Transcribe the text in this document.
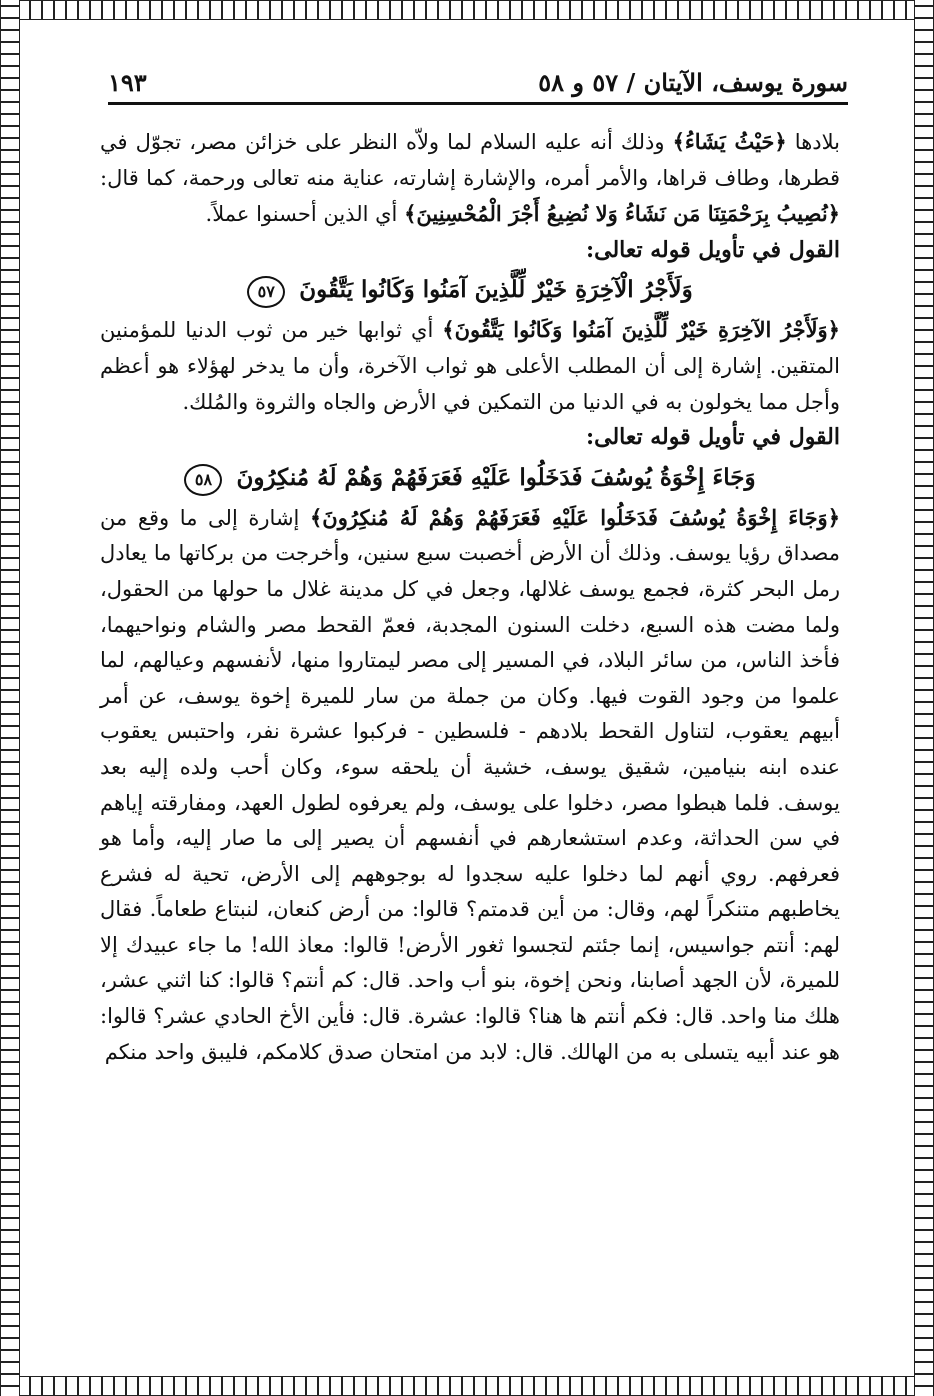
سورة يوسف، الآيتان / ٥٧ و ٥٨
١٩٣

بلادها ﴿حَيْثُ يَشَاءُ﴾ وذلك أنه عليه السلام لما ولاّه النظر على خزائن مصر، تجوّل في قطرها، وطاف قراها، والأمر أمره، والإشارة إشارته، عناية منه تعالى ورحمة، كما قال: ﴿نُصِيبُ بِرَحْمَتِنَا مَن نَشَاءُ وَلا نُضِيعُ أَجْرَ الْمُحْسِنِينَ﴾ أي الذين أحسنوا عملاً.

القول في تأويل قوله تعالى:

وَلَأَجْرُ الْآخِرَةِ خَيْرٌ لِّلَّذِينَ آمَنُوا وَكَانُوا يَتَّقُونَ ٥٧

﴿وَلَأَجْرُ الآخِرَةِ خَيْرٌ لِّلَّذِينَ آمَنُوا وَكَانُوا يَتَّقُونَ﴾ أي ثوابها خير من ثوب الدنيا للمؤمنين المتقين. إشارة إلى أن المطلب الأعلى هو ثواب الآخرة، وأن ما يدخر لهؤلاء هو أعظم وأجل مما يخولون به في الدنيا من التمكين في الأرض والجاه والثروة والمُلك.

القول في تأويل قوله تعالى:

وَجَاءَ إِخْوَةُ يُوسُفَ فَدَخَلُوا عَلَيْهِ فَعَرَفَهُمْ وَهُمْ لَهُ مُنكِرُونَ ٥٨

﴿وَجَاءَ إِخْوَةُ يُوسُفَ فَدَخَلُوا عَلَيْهِ فَعَرَفَهُمْ وَهُمْ لَهُ مُنكِرُونَ﴾ إشارة إلى ما وقع من مصداق رؤيا يوسف. وذلك أن الأرض أخصبت سبع سنين، وأخرجت من بركاتها ما يعادل رمل البحر كثرة، فجمع يوسف غلالها، وجعل في كل مدينة غلال ما حولها من الحقول، ولما مضت هذه السبع، دخلت السنون المجدبة، فعمّ القحط مصر والشام ونواحيهما، فأخذ الناس، من سائر البلاد، في المسير إلى مصر ليمتاروا منها، لأنفسهم وعيالهم، لما علموا من وجود القوت فيها. وكان من جملة من سار للميرة إخوة يوسف، عن أمر أبيهم يعقوب، لتناول القحط بلادهم - فلسطين - فركبوا عشرة نفر، واحتبس يعقوب عنده ابنه بنيامين، شقيق يوسف، خشية أن يلحقه سوء، وكان أحب ولده إليه بعد يوسف. فلما هبطوا مصر، دخلوا على يوسف، ولم يعرفوه لطول العهد، ومفارقته إياهم في سن الحداثة، وعدم استشعارهم في أنفسهم أن يصير إلى ما صار إليه، وأما هو فعرفهم. روي أنهم لما دخلوا عليه سجدوا له بوجوههم إلى الأرض، تحية له فشرع يخاطبهم متنكراً لهم، وقال: من أين قدمتم؟ قالوا: من أرض كنعان، لنبتاع طعاماً. فقال لهم: أنتم جواسيس، إنما جئتم لتجسوا ثغور الأرض! قالوا: معاذ الله! ما جاء عبيدك إلا للميرة، لأن الجهد أصابنا، ونحن إخوة، بنو أب واحد. قال: كم أنتم؟ قالوا: كنا اثني عشر، هلك منا واحد. قال: فكم أنتم ها هنا؟ قالوا: عشرة. قال: فأين الأخ الحادي عشر؟ قالوا: هو عند أبيه يتسلى به من الهالك. قال: لابد من امتحان صدق كلامكم، فليبق واحد منكم
